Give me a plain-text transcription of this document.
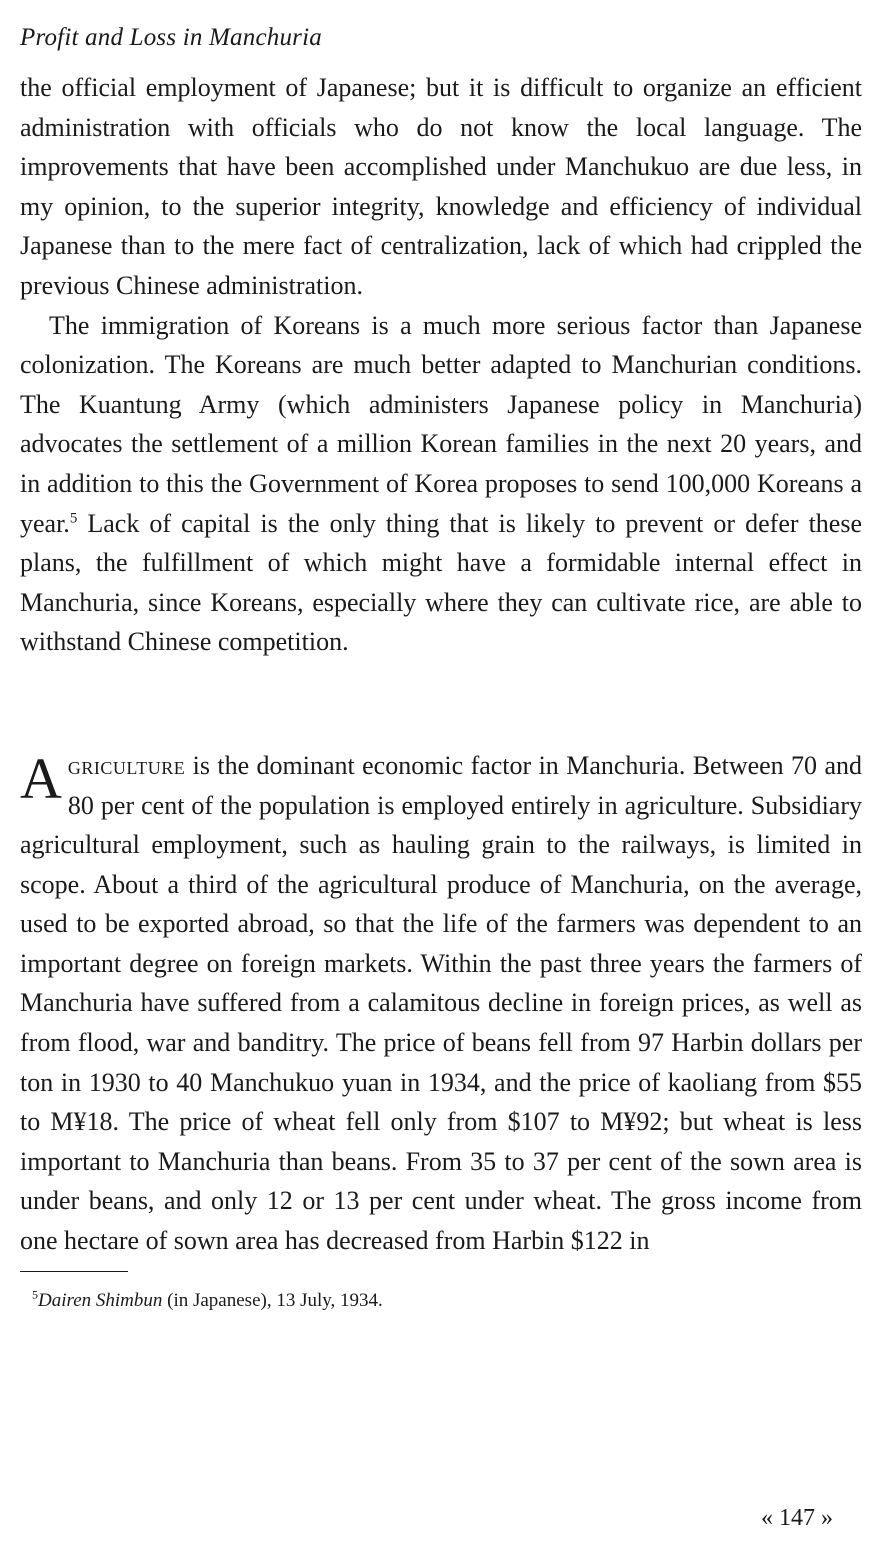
Profit and Loss in Manchuria

the official employment of Japanese; but it is difficult to organize an efficient administration with officials who do not know the local language. The improvements that have been accomplished under Manchukuo are due less, in my opinion, to the superior integrity, knowledge and efficiency of individual Japanese than to the mere fact of centralization, lack of which had crippled the previous Chinese administration.

The immigration of Koreans is a much more serious factor than Japanese colonization. The Koreans are much better adapted to Manchurian conditions. The Kuantung Army (which administers Japanese policy in Manchuria) advocates the settlement of a million Korean families in the next 20 years, and in addition to this the Government of Korea proposes to send 100,000 Koreans a year.$^5$ Lack of capital is the only thing that is likely to prevent or defer these plans, the fulfillment of which might have a formidable internal effect in Manchuria, since Koreans, especially where they can cultivate rice, are able to withstand Chinese competition.

Agriculture is the dominant economic factor in Manchuria. Between 70 and 80 per cent of the population is employed entirely in agriculture. Subsidiary agricultural employment, such as hauling grain to the railways, is limited in scope. About a third of the agricultural produce of Manchuria, on the average, used to be exported abroad, so that the life of the farmers was dependent to an important degree on foreign markets. Within the past three years the farmers of Manchuria have suffered from a calamitous decline in foreign prices, as well as from flood, war and banditry. The price of beans fell from 97 Harbin dollars per ton in 1930 to 40 Manchukuo yuan in 1934, and the price of kaoliang from $55 to M¥18. The price of wheat fell only from $107 to M¥92; but wheat is less important to Manchuria than beans. From 35 to 37 per cent of the sown area is under beans, and only 12 or 13 per cent under wheat. The gross income from one hectare of sown area has decreased from Harbin $122 in

$^5$Dairen Shimbun (in Japanese), 13 July, 1934.
« 147 »
